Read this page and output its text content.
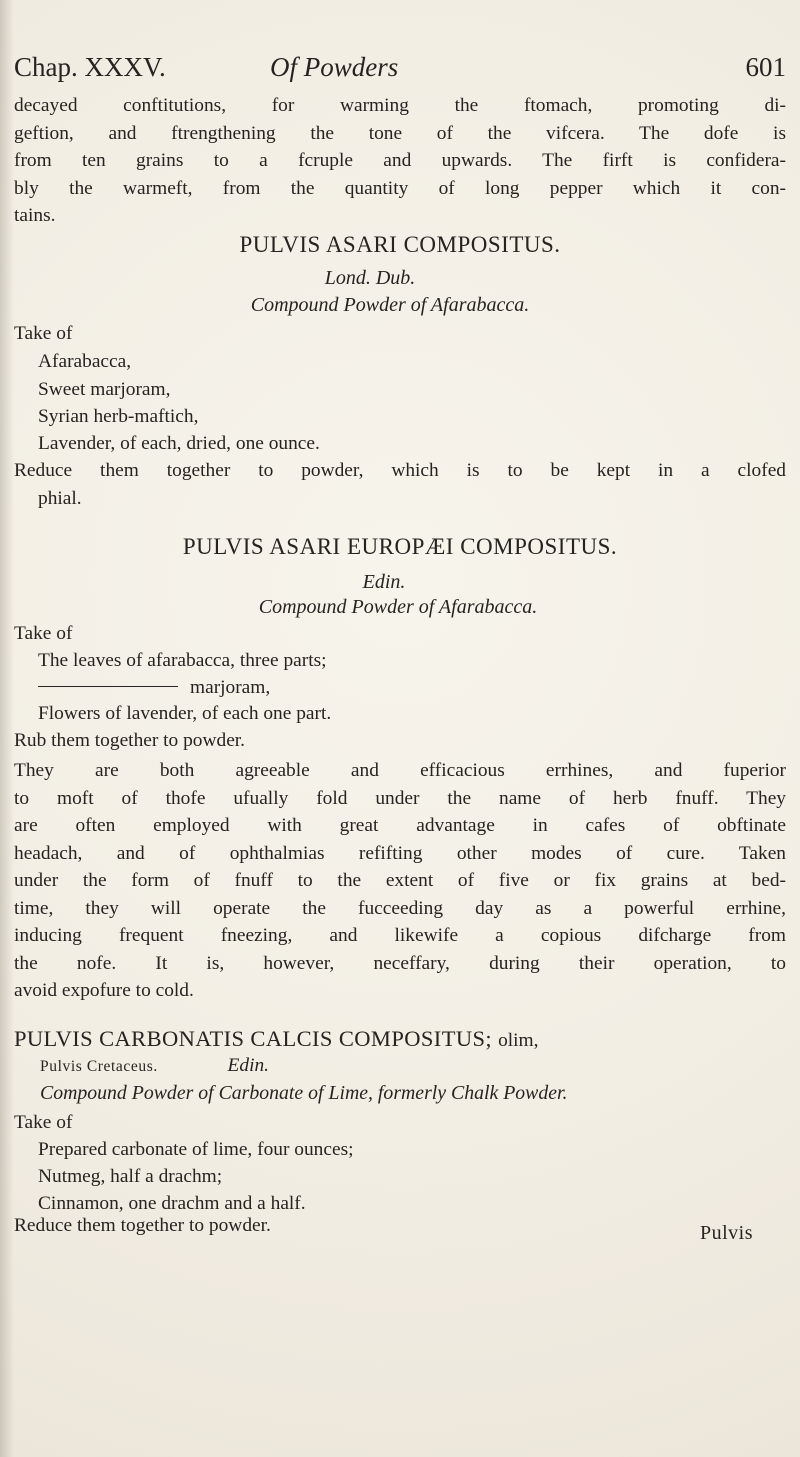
Chap. XXXV.	Of Powders	601

decayed conftitutions, for warming the ftomach, promoting di-

geftion, and ftrengthening the tone of the vifcera. The dofe is

from ten grains to a fcruple and upwards. The firft is confidera-

bly the warmeft, from the quantity of long pepper which it con-

tains.

PULVIS ASARI COMPOSITUS.
Lond. Dub.
Compound Powder of Afarabacca.
Take of
Afarabacca,
Sweet marjoram,
Syrian herb-maftich,
Lavender, of each, dried, one ounce.

Reduce them together to powder, which is to be kept in a clofed

phial.

PULVIS ASARI EUROPÆI COMPOSITUS.
Edin.
Compound Powder of Afarabacca.
Take of
The leaves of afarabacca, three parts;
marjoram,
Flowers of lavender, of each one part.
Rub them together to powder.

They are both agreeable and efficacious errhines, and fuperior

to moft of thofe ufually fold under the name of herb fnuff. They

are often employed with great advantage in cafes of obftinate

headach, and of ophthalmias refifting other modes of cure. Taken

under the form of fnuff to the extent of five or fix grains at bed-

time, they will operate the fucceeding day as a powerful errhine,

inducing frequent fneezing, and likewife a copious difcharge from

the nofe. It is, however, neceffary, during their operation, to

avoid expofure to cold.

PULVIS CARBONATIS CALCIS COMPOSITUS; olim,
Pulvis Cretaceus.	Edin.
Compound Powder of Carbonate of Lime, formerly Chalk Powder.
Take of
Prepared carbonate of lime, four ounces;
Nutmeg, half a drachm;
Cinnamon, one drachm and a half.
Reduce them together to powder.	Pulvis
